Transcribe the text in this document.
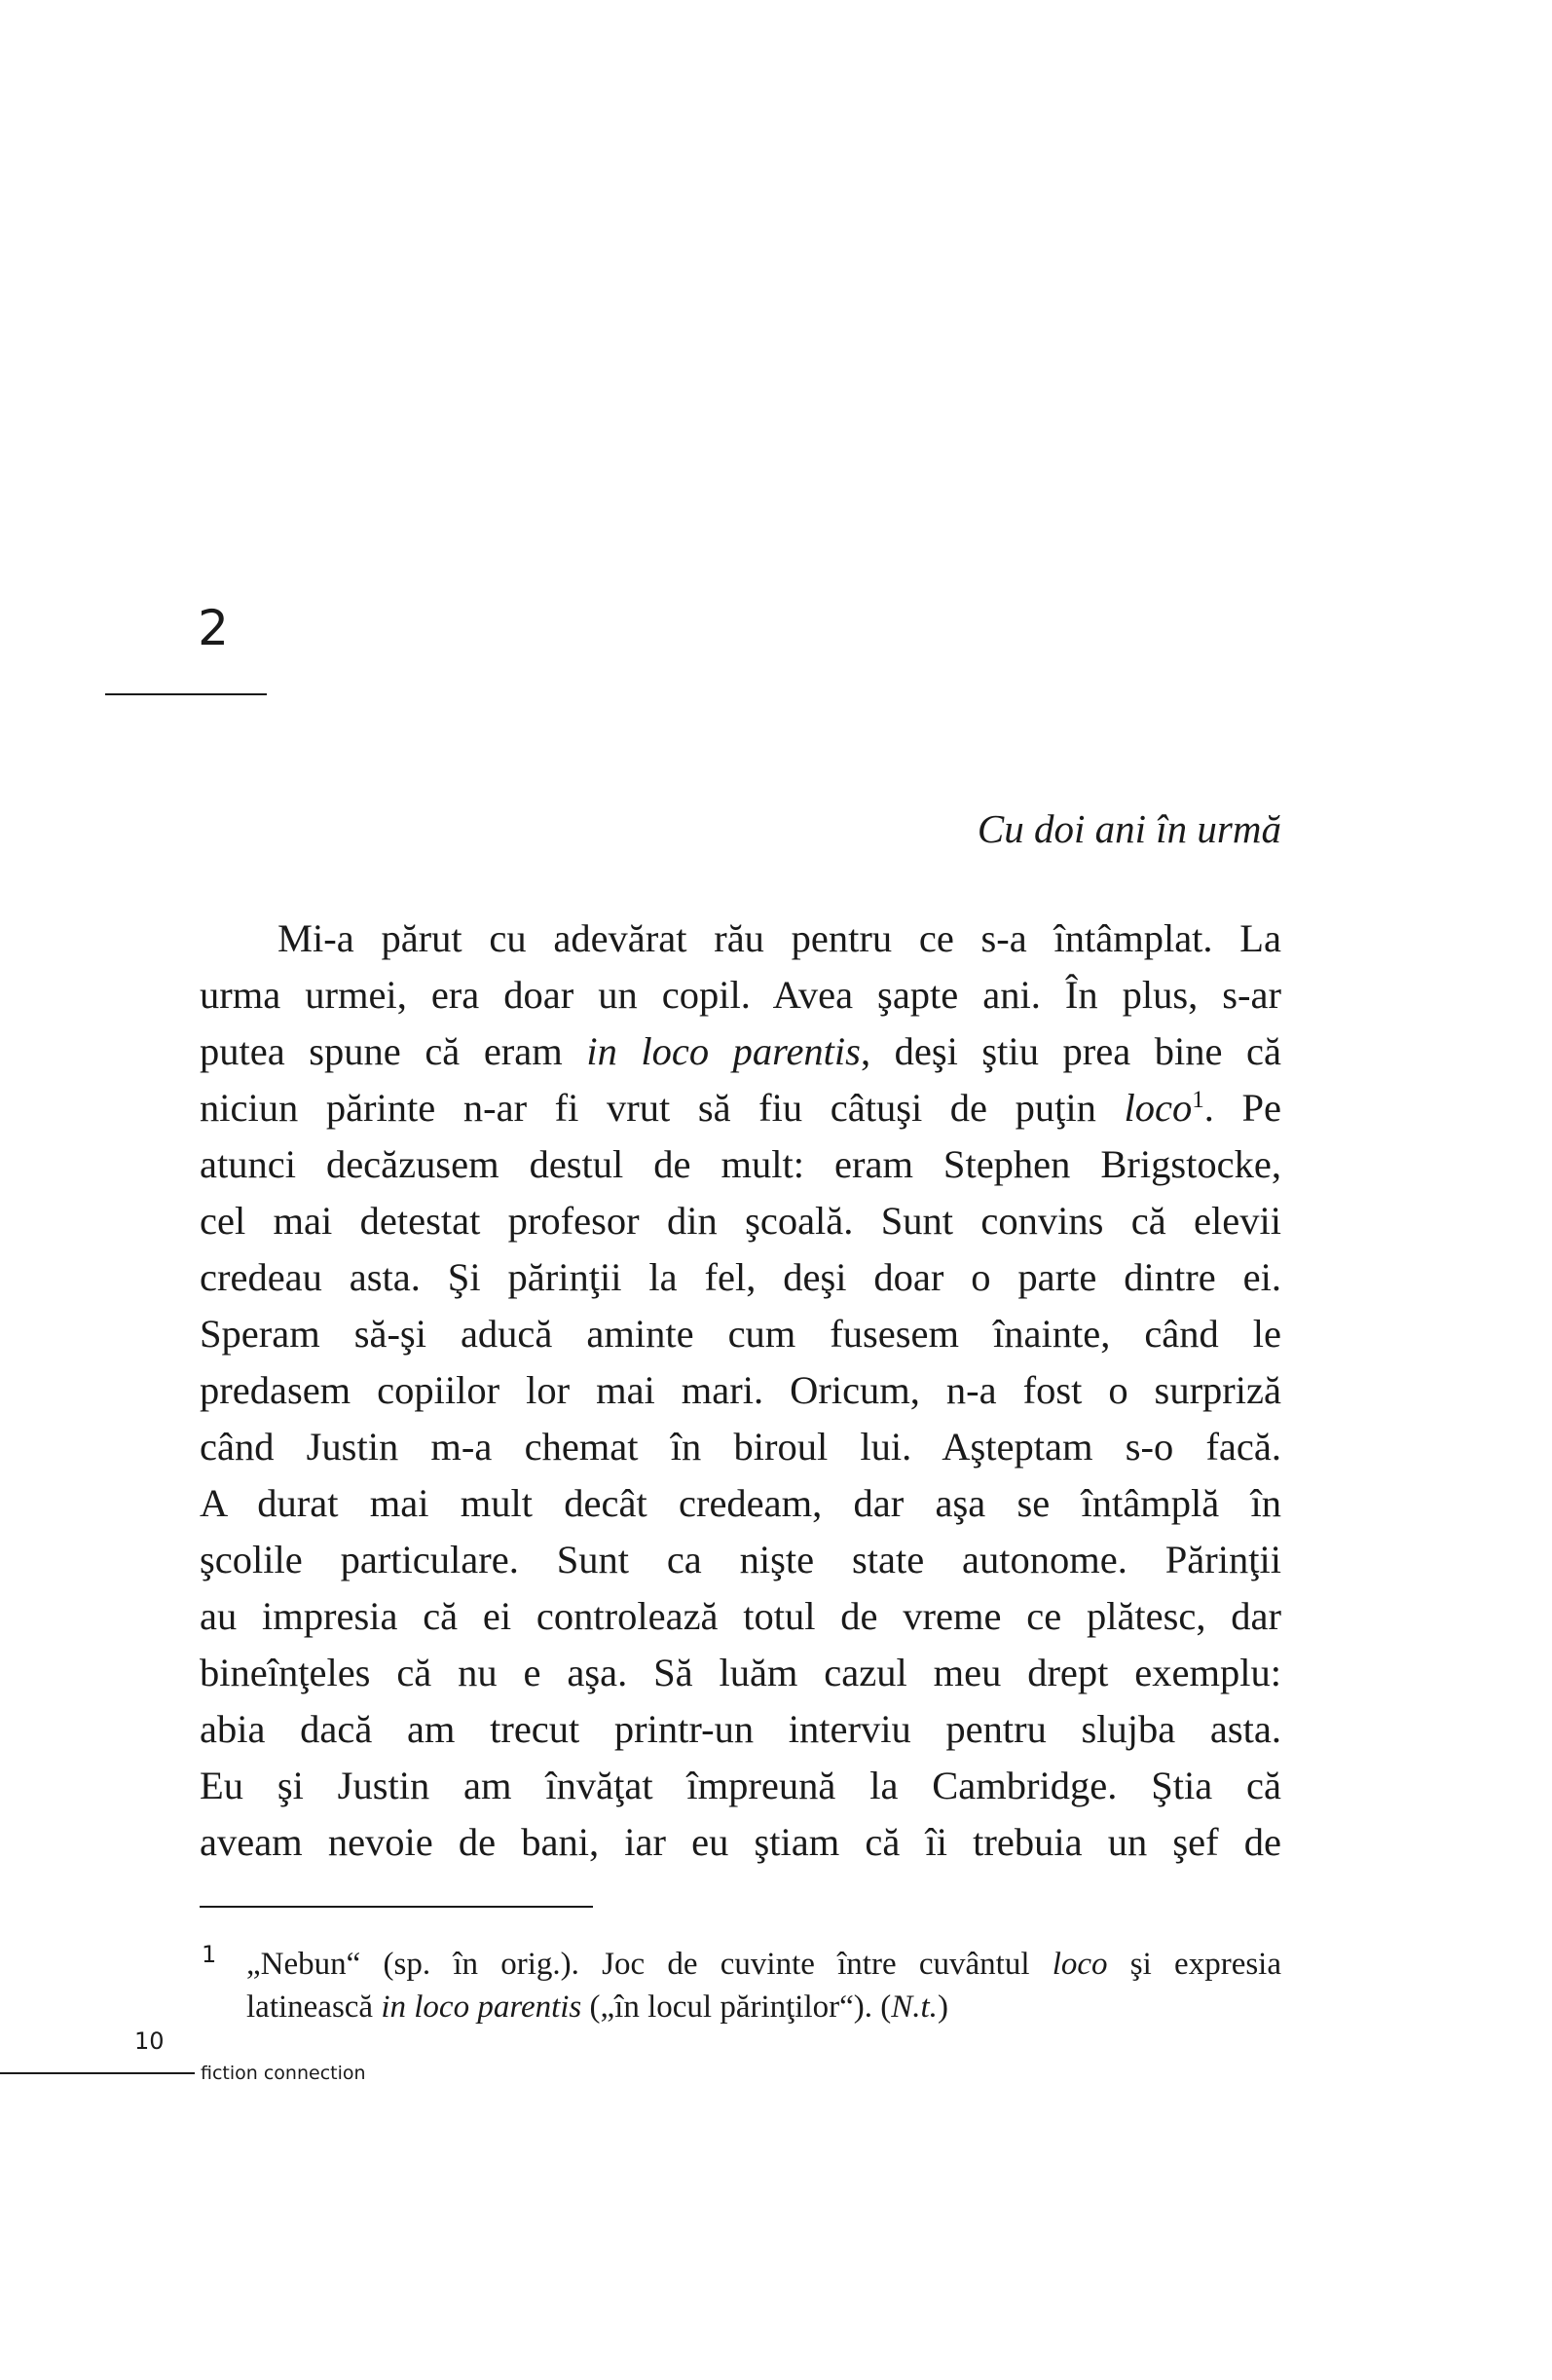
2
Cu doi ani în urmă
Mi-a părut cu adevărat rău pentru ce s-a întâmplat. La
urma urmei, era doar un copil. Avea şapte ani. În plus, s-ar
putea spune că eram in loco parentis, deşi ştiu prea bine că
niciun părinte n-ar fi vrut să fiu câtuşi de puţin loco$^1$. Pe
atunci decăzusem destul de mult: eram Stephen Brigstocke,
cel mai detestat profesor din şcoală. Sunt convins că elevii
credeau asta. Şi părinţii la fel, deşi doar o parte dintre ei.
Speram să-şi aducă aminte cum fusesem înainte, când le
predasem copiilor lor mai mari. Oricum, n-a fost o surpriză
când Justin m-a chemat în biroul lui. Aşteptam s-o facă.
A durat mai mult decât credeam, dar aşa se întâmplă în
şcolile particulare. Sunt ca nişte state autonome. Părinţii
au impresia că ei controlează totul de vreme ce plătesc, dar
bineînţeles că nu e aşa. Să luăm cazul meu drept exemplu:
abia dacă am trecut printr-un interviu pentru slujba asta.
Eu şi Justin am învăţat împreună la Cambridge. Ştia că
aveam nevoie de bani, iar eu ştiam că îi trebuia un şef de
1 „Nebun“ (sp. în orig.). Joc de cuvinte între cuvântul loco şi expresia
latinească in loco parentis („în locul părinţilor“). (N.t.)
10
fiction connection
